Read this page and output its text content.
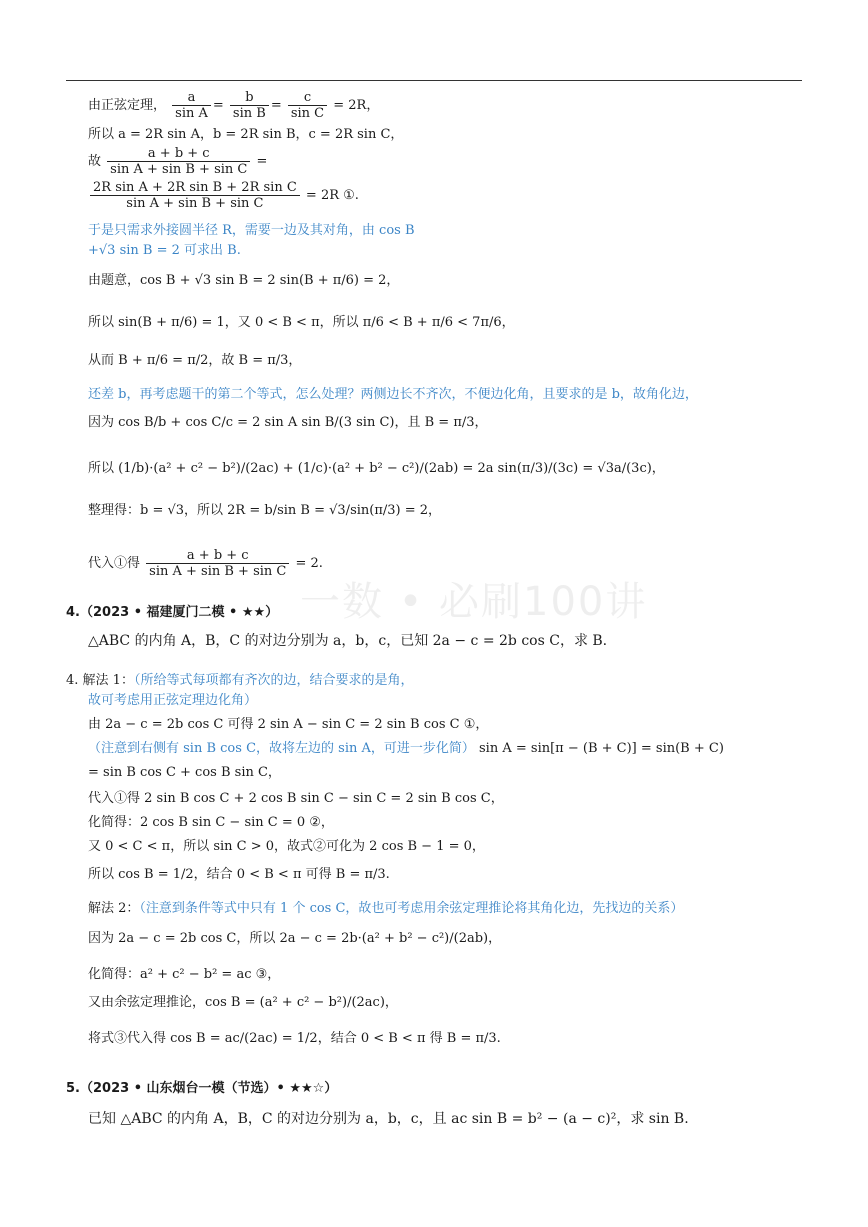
一数 • 必刷100讲
由正弦定理， $\frac{a}{\text{sin A}} = \frac{b}{\text{sin B}} = \frac{c}{\text{sin C}} = 2R$，
所以 a = 2R sin A，b = 2R sin B，c = 2R sin C，
故 $\frac{a + b + c}{\text{sin A + sin B + sin C}}$ =
$\frac{\text{2R sin A + 2R sin B + 2R sin C}}{\text{sin A + sin B + sin C}} = 2R$ ①.
于是只需求外接圆半径 R，需要一边及其对角，由 cos B
+√3 sin B = 2 可求出 B.
由题意，cos B + √3 sin B = 2 sin(B + π/6) = 2，
所以 sin(B + π/6) = 1，又 0 < B < π，所以 π/6 < B + π/6 < 7π/6，
从而 B + π/6 = π/2，故 B = π/3，
还差 b，再考虑题干的第二个等式，怎么处理？两侧边长不齐次，不便边化角，且要求的是 b，故角化边，
因为 cos B/b + cos C/c = 2 sin A sin B/(3 sin C)，且 B = π/3，
所以 (1/b)·(a² + c² − b²)/(2ac) + (1/c)·(a² + b² − c²)/(2ab) = 2a sin(π/3)/(3c) = √3a/(3c)，
整理得：b = √3，所以 2R = b/sin B = √3/sin(π/3) = 2，
代入①得 $\frac{a + b + c}{\text{sin A + sin B + sin C}} = 2$.
4.（2023 • 福建厦门二模 • ★★）
△ABC 的内角 A，B，C 的对边分别为 a，b，c，已知 2a − c = 2b cos C，求 B.
4. 解法 1：（所给等式每项都有齐次的边，结合要求的是角，
故可考虑用正弦定理边化角）
由 2a − c = 2b cos C 可得 2 sin A − sin C = 2 sin B cos C ①，
（注意到右侧有 sin B cos C，故将左边的 sin A，可进一步化简） sin A = sin[π − (B + C)] = sin(B + C)
= sin B cos C + cos B sin C，
代入①得 2 sin B cos C + 2 cos B sin C − sin C = 2 sin B cos C，
化简得：2 cos B sin C − sin C = 0 ②，
又 0 < C < π，所以 sin C > 0，故式②可化为 2 cos B − 1 = 0，
所以 cos B = 1/2，结合 0 < B < π 可得 B = π/3.
解法 2：（注意到条件等式中只有 1 个 cos C，故也可考虑用余弦定理推论将其角化边，先找边的关系）
因为 2a − c = 2b cos C，所以 2a − c = 2b·(a² + b² − c²)/(2ab)，
化简得：a² + c² − b² = ac ③，
又由余弦定理推论，cos B = (a² + c² − b²)/(2ac)，
将式③代入得 cos B = ac/(2ac) = 1/2，结合 0 < B < π 得 B = π/3.
5.（2023 • 山东烟台一模（节选）• ★★☆）
已知 △ABC 的内角 A，B，C 的对边分别为 a，b，c，且 ac sin B = b² − (a − c)²，求 sin B.
